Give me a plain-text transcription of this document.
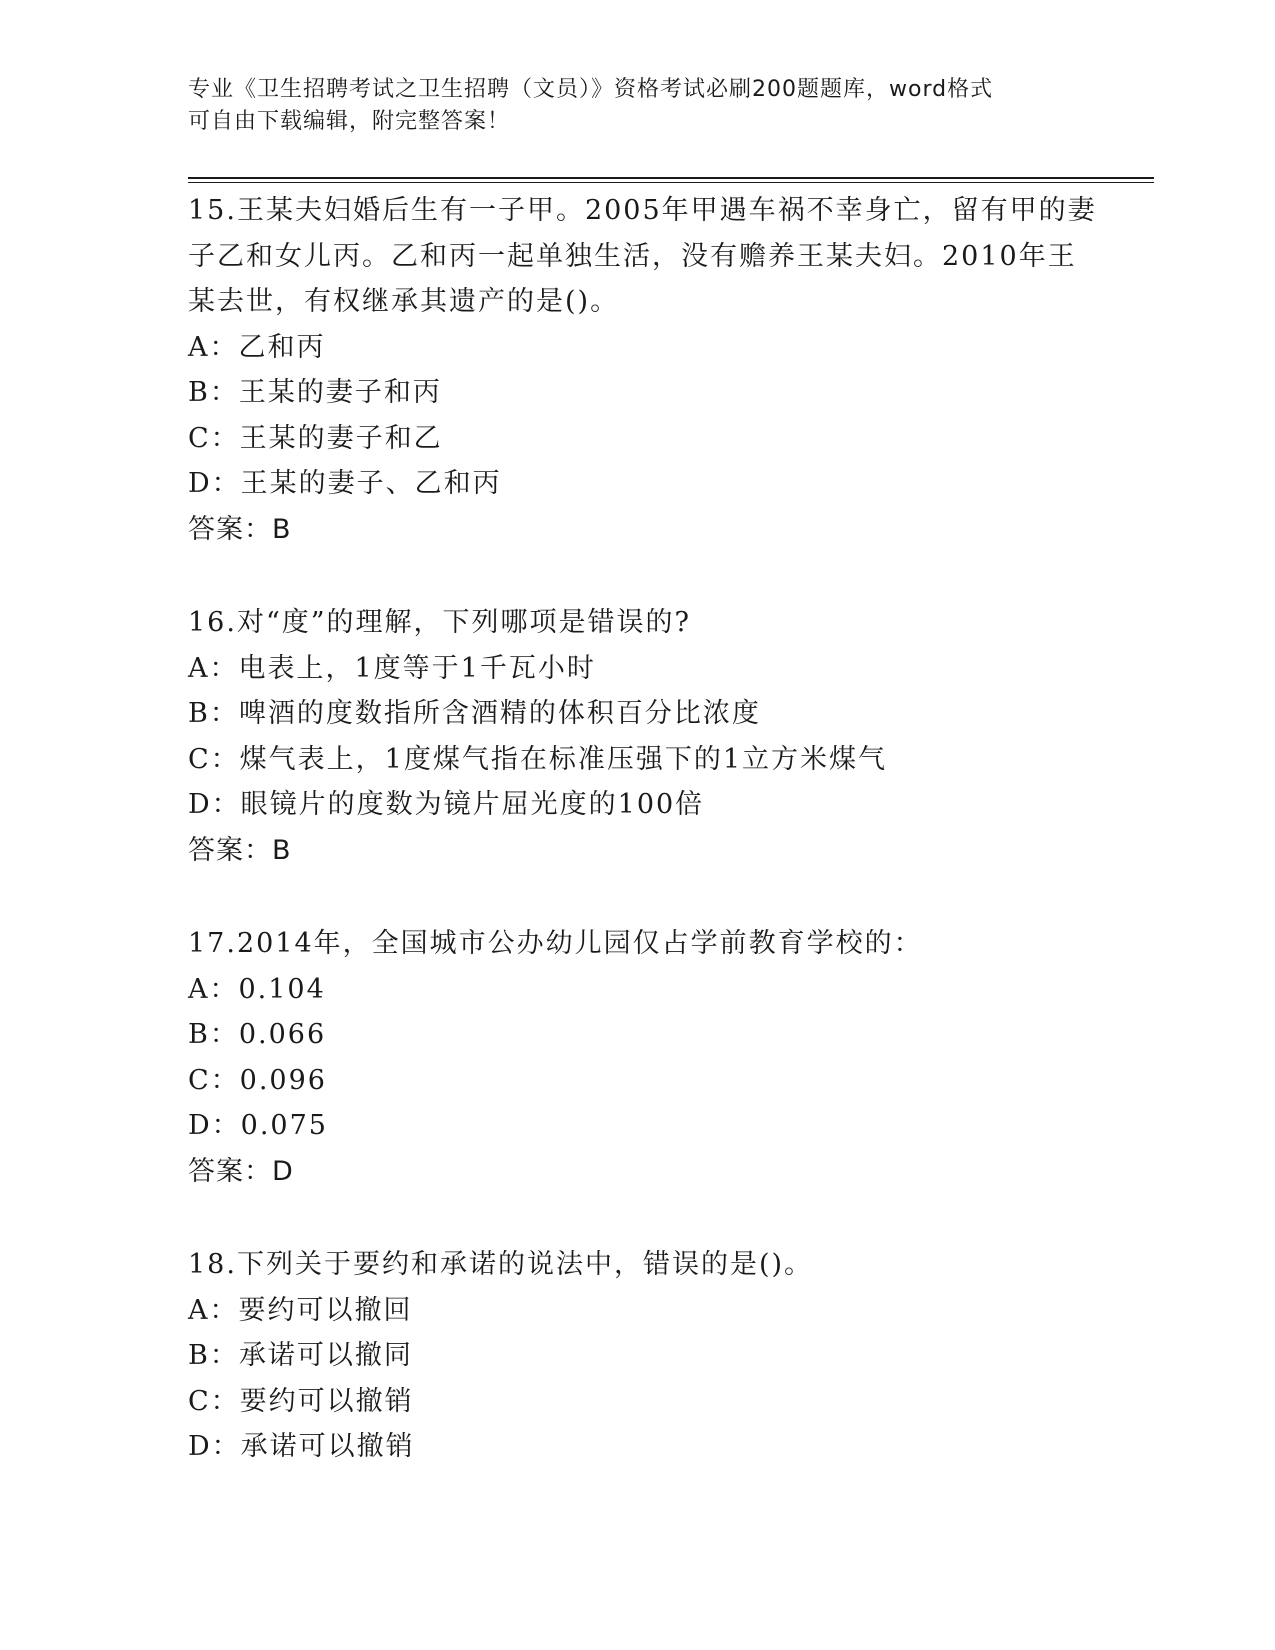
专业《卫生招聘考试之卫生招聘（文员）》资格考试必刷200题题库，word格式
可自由下载编辑，附完整答案！
15.王某夫妇婚后生有一子甲。2005年甲遇车祸不幸身亡，留有甲的妻
子乙和女儿丙。乙和丙一起单独生活，没有赡养王某夫妇。2010年王
某去世，有权继承其遗产的是()。
A：乙和丙
B：王某的妻子和丙
C：王某的妻子和乙
D：王某的妻子、乙和丙
答案：B
16.对“度”的理解，下列哪项是错误的?
A：电表上，1度等于1千瓦小时
B：啤酒的度数指所含酒精的体积百分比浓度
C：煤气表上，1度煤气指在标准压强下的1立方米煤气
D：眼镜片的度数为镜片屈光度的100倍
答案：B
17.2014年，全国城市公办幼儿园仅占学前教育学校的：
A：0.104
B：0.066
C：0.096
D：0.075
答案：D
18.下列关于要约和承诺的说法中，错误的是()。
A：要约可以撤回
B：承诺可以撤同
C：要约可以撤销
D：承诺可以撤销
